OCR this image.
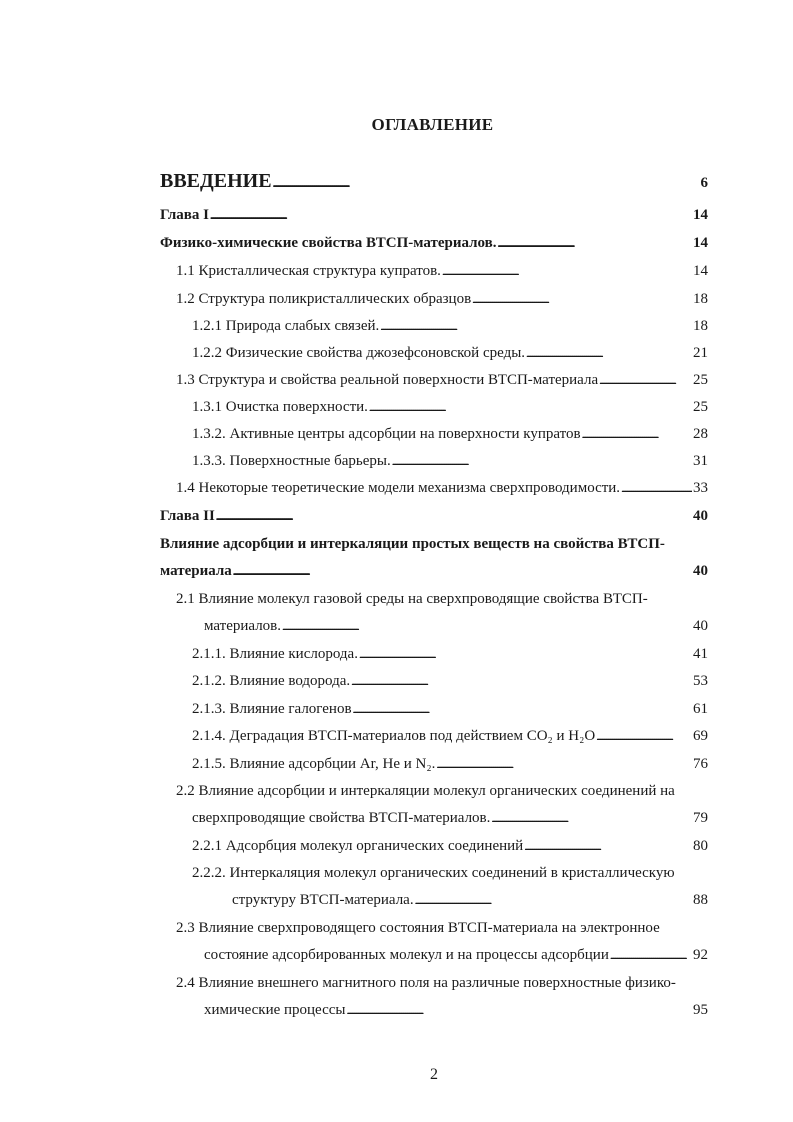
ОГЛАВЛЕНИЕ
ВВЕДЕНИЕ . . .	6
Глава I . . .	14
Физико-химические свойства ВТСП-материалов. . . .	14
1.1 Кристаллическая структура купратов. . . .	14
1.2 Структура поликристаллических образцов . . .	18
1.2.1 Природа слабых связей. . . .	18
1.2.2 Физические свойства джозефсоновской среды. . . .	21
1.3 Структура и свойства реальной поверхности ВТСП-материала . . .	25
1.3.1 Очистка поверхности. . . .	25
1.3.2. Активные центры адсорбции на поверхности купратов . . .	28
1.3.3. Поверхностные барьеры. . . .	31
1.4 Некоторые теоретические модели механизма сверхпроводимости. . . .	33
Глава II . . .	40
Влияние адсорбции и интеркаляции простых веществ на свойства ВТСП-
материала . . .	40
2.1 Влияние молекул газовой среды на сверхпроводящие свойства ВТСП-
материалов. . . .	40
2.1.1. Влияние кислорода. . . .	41
2.1.2. Влияние водорода. . . .	53
2.1.3. Влияние галогенов . . .	61
2.1.4. Деградация ВТСП-материалов под действием CO₂ и H₂O . . .	69
2.1.5. Влияние адсорбции Ar, He и N₂. . . .	76
2.2 Влияние адсорбции и интеркаляции молекул органических соединений на
сверхпроводящие свойства ВТСП-материалов. . . .	79
2.2.1 Адсорбция молекул органических соединений . . .	80
2.2.2. Интеркаляция молекул органических соединений в кристаллическую
структуру ВТСП-материала. . . .	88
2.3 Влияние сверхпроводящего состояния ВТСП-материала на электронное
состояние адсорбированных молекул и на процессы адсорбции . . .	92
2.4 Влияние внешнего магнитного поля на различные поверхностные физико-
химические процессы . . .	95
2
